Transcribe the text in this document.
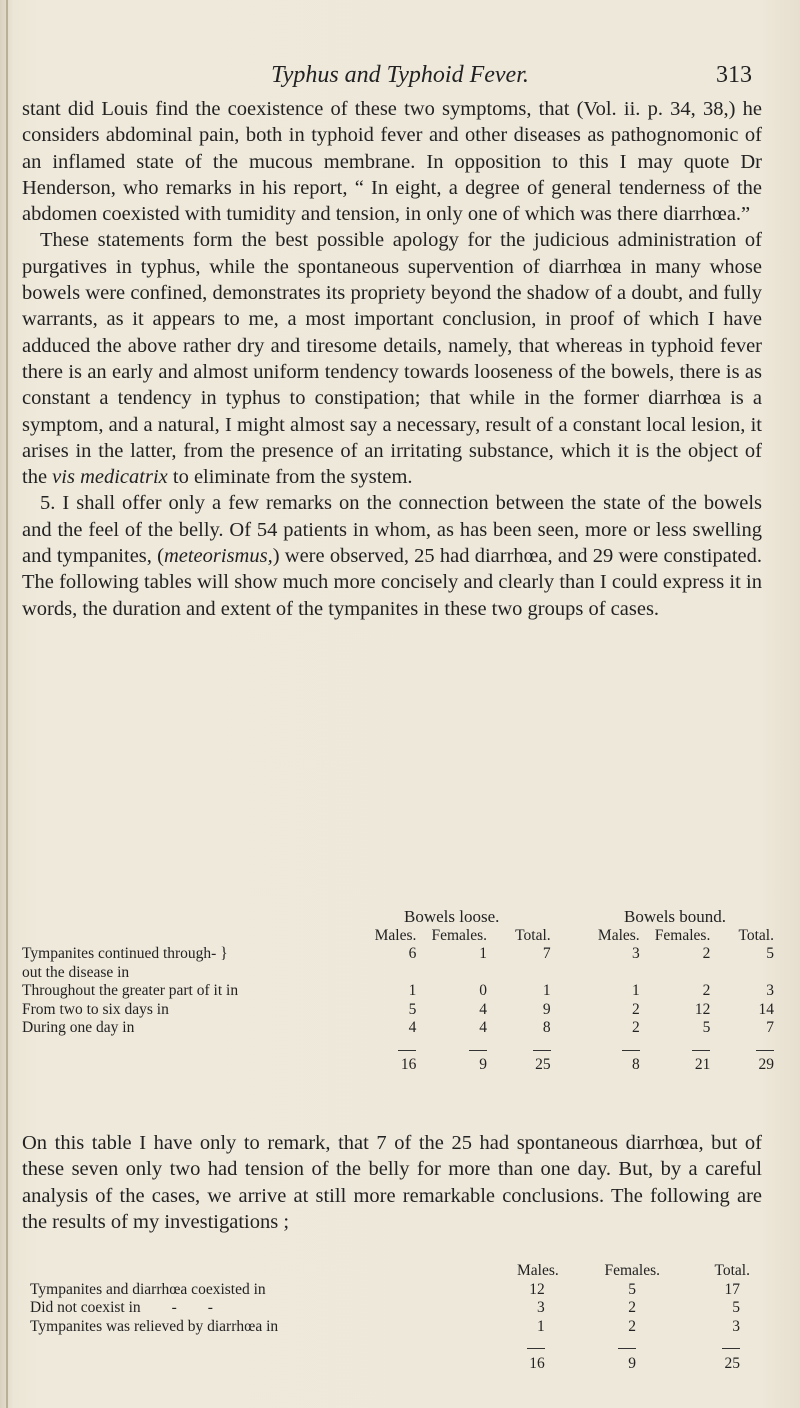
Typhus and Typhoid Fever.	313

stant did Louis find the coexistence of these two symptoms, that (Vol. ii. p. 34, 38,) he considers abdominal pain, both in typhoid fever and other diseases as pathognomonic of an inflamed state of the mucous membrane. In opposition to this I may quote Dr Henderson, who remarks in his report, “ In eight, a degree of general tenderness of the abdomen coexisted with tumidity and tension, in only one of which was there diarrhœa.”

These statements form the best possible apology for the judicious administration of purgatives in typhus, while the spontaneous supervention of diarrhœa in many whose bowels were confined, demonstrates its propriety beyond the shadow of a doubt, and fully warrants, as it appears to me, a most important conclusion, in proof of which I have adduced the above rather dry and tiresome details, namely, that whereas in typhoid fever there is an early and almost uniform tendency towards looseness of the bowels, there is as constant a tendency in typhus to constipation; that while in the former diarrhœa is a symptom, and a natural, I might almost say a necessary, result of a constant local lesion, it arises in the latter, from the presence of an irritating substance, which it is the object of the vis medicatrix to eliminate from the system.

5. I shall offer only a few remarks on the connection between the state of the bowels and the feel of the belly. Of 54 patients in whom, as has been seen, more or less swelling and tympanites, (meteorismus,) were observed, 25 had diarrhœa, and 29 were constipated. The following tables will show much more concisely and clearly than I could express it in words, the duration and extent of the tympanites in these two groups of cases.

	Bowels loose.				Bowels bound.		
	Males.	Females.	Total.		Males.	Females.	Total.
Tympanites continued through- }
out the disease in	6	1	7		3	2	5
Throughout the greater part of it in	1	0	1		1	2	3
From two to six days in	5	4	9		2	12	14
During one day in	4	4	8		2	5	7

	16	9	25		8	21	29
On this table I have only to remark, that 7 of the 25 had spontaneous diarrhœa, but of these seven only two had tension of the belly for more than one day. But, by a careful analysis of the cases, we arrive at still more remarkable conclusions. The following are the results of my investigations ;
	Males.	Females.	Total.
Tympanites and diarrhœa coexisted in	12	5	17
Did not coexist in        -        -	3	2	5
Tympanites was relieved by diarrhœa in	1	2	3

	16	9	25
